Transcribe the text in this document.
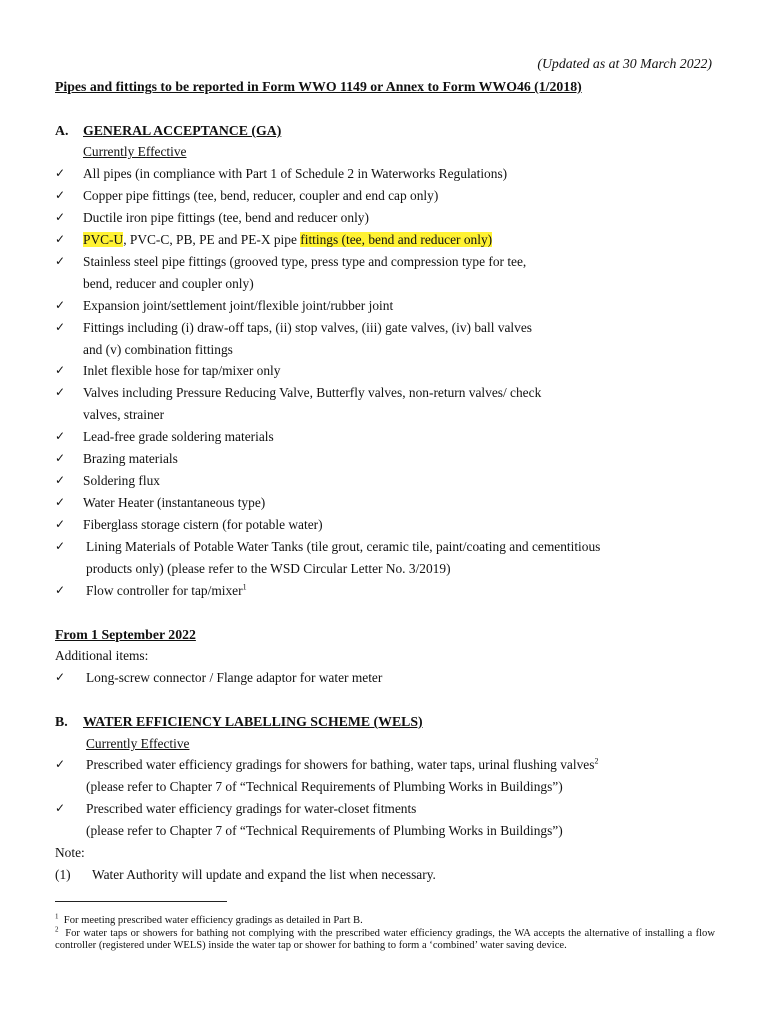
(Updated as at 30 March 2022)
Pipes and fittings to be reported in Form WWO 1149 or Annex to Form WWO46 (1/2018)
A. GENERAL ACCEPTANCE (GA)
Currently Effective
✓ All pipes (in compliance with Part 1 of Schedule 2 in Waterworks Regulations)
✓ Copper pipe fittings (tee, bend, reducer, coupler and end cap only)
✓ Ductile iron pipe fittings (tee, bend and reducer only)
✓ PVC-U, PVC-C, PB, PE and PE-X pipe fittings (tee, bend and reducer only)
✓ Stainless steel pipe fittings (grooved type, press type and compression type for tee,
bend, reducer and coupler only)
✓ Expansion joint/settlement joint/flexible joint/rubber joint
✓ Fittings including (i) draw-off taps, (ii) stop valves, (iii) gate valves, (iv) ball valves
and (v) combination fittings
✓ Inlet flexible hose for tap/mixer only
✓ Valves including Pressure Reducing Valve, Butterfly valves, non-return valves/ check
valves, strainer
✓ Lead-free grade soldering materials
✓ Brazing materials
✓ Soldering flux
✓ Water Heater (instantaneous type)
✓ Fiberglass storage cistern (for potable water)
✓ Lining Materials of Potable Water Tanks (tile grout, ceramic tile, paint/coating and cementitious
products only) (please refer to the WSD Circular Letter No. 3/2019)
✓ Flow controller for tap/mixer$^1$
From 1 September 2022
Additional items:
✓ Long-screw connector / Flange adaptor for water meter
B. WATER EFFICIENCY LABELLING SCHEME (WELS)
Currently Effective
✓ Prescribed water efficiency gradings for showers for bathing, water taps, urinal flushing valves$^2$
(please refer to Chapter 7 of “Technical Requirements of Plumbing Works in Buildings”)
✓ Prescribed water efficiency gradings for water-closet fitments
(please refer to Chapter 7 of “Technical Requirements of Plumbing Works in Buildings”)
Note:
(1) Water Authority will update and expand the list when necessary.
$^1$ For meeting prescribed water efficiency gradings as detailed in Part B.
$^2$ For water taps or showers for bathing not complying with the prescribed water efficiency gradings, the WA accepts the alternative of installing a flow controller (registered under WELS) inside the water tap or shower for bathing to form a ‘combined’ water saving device.
